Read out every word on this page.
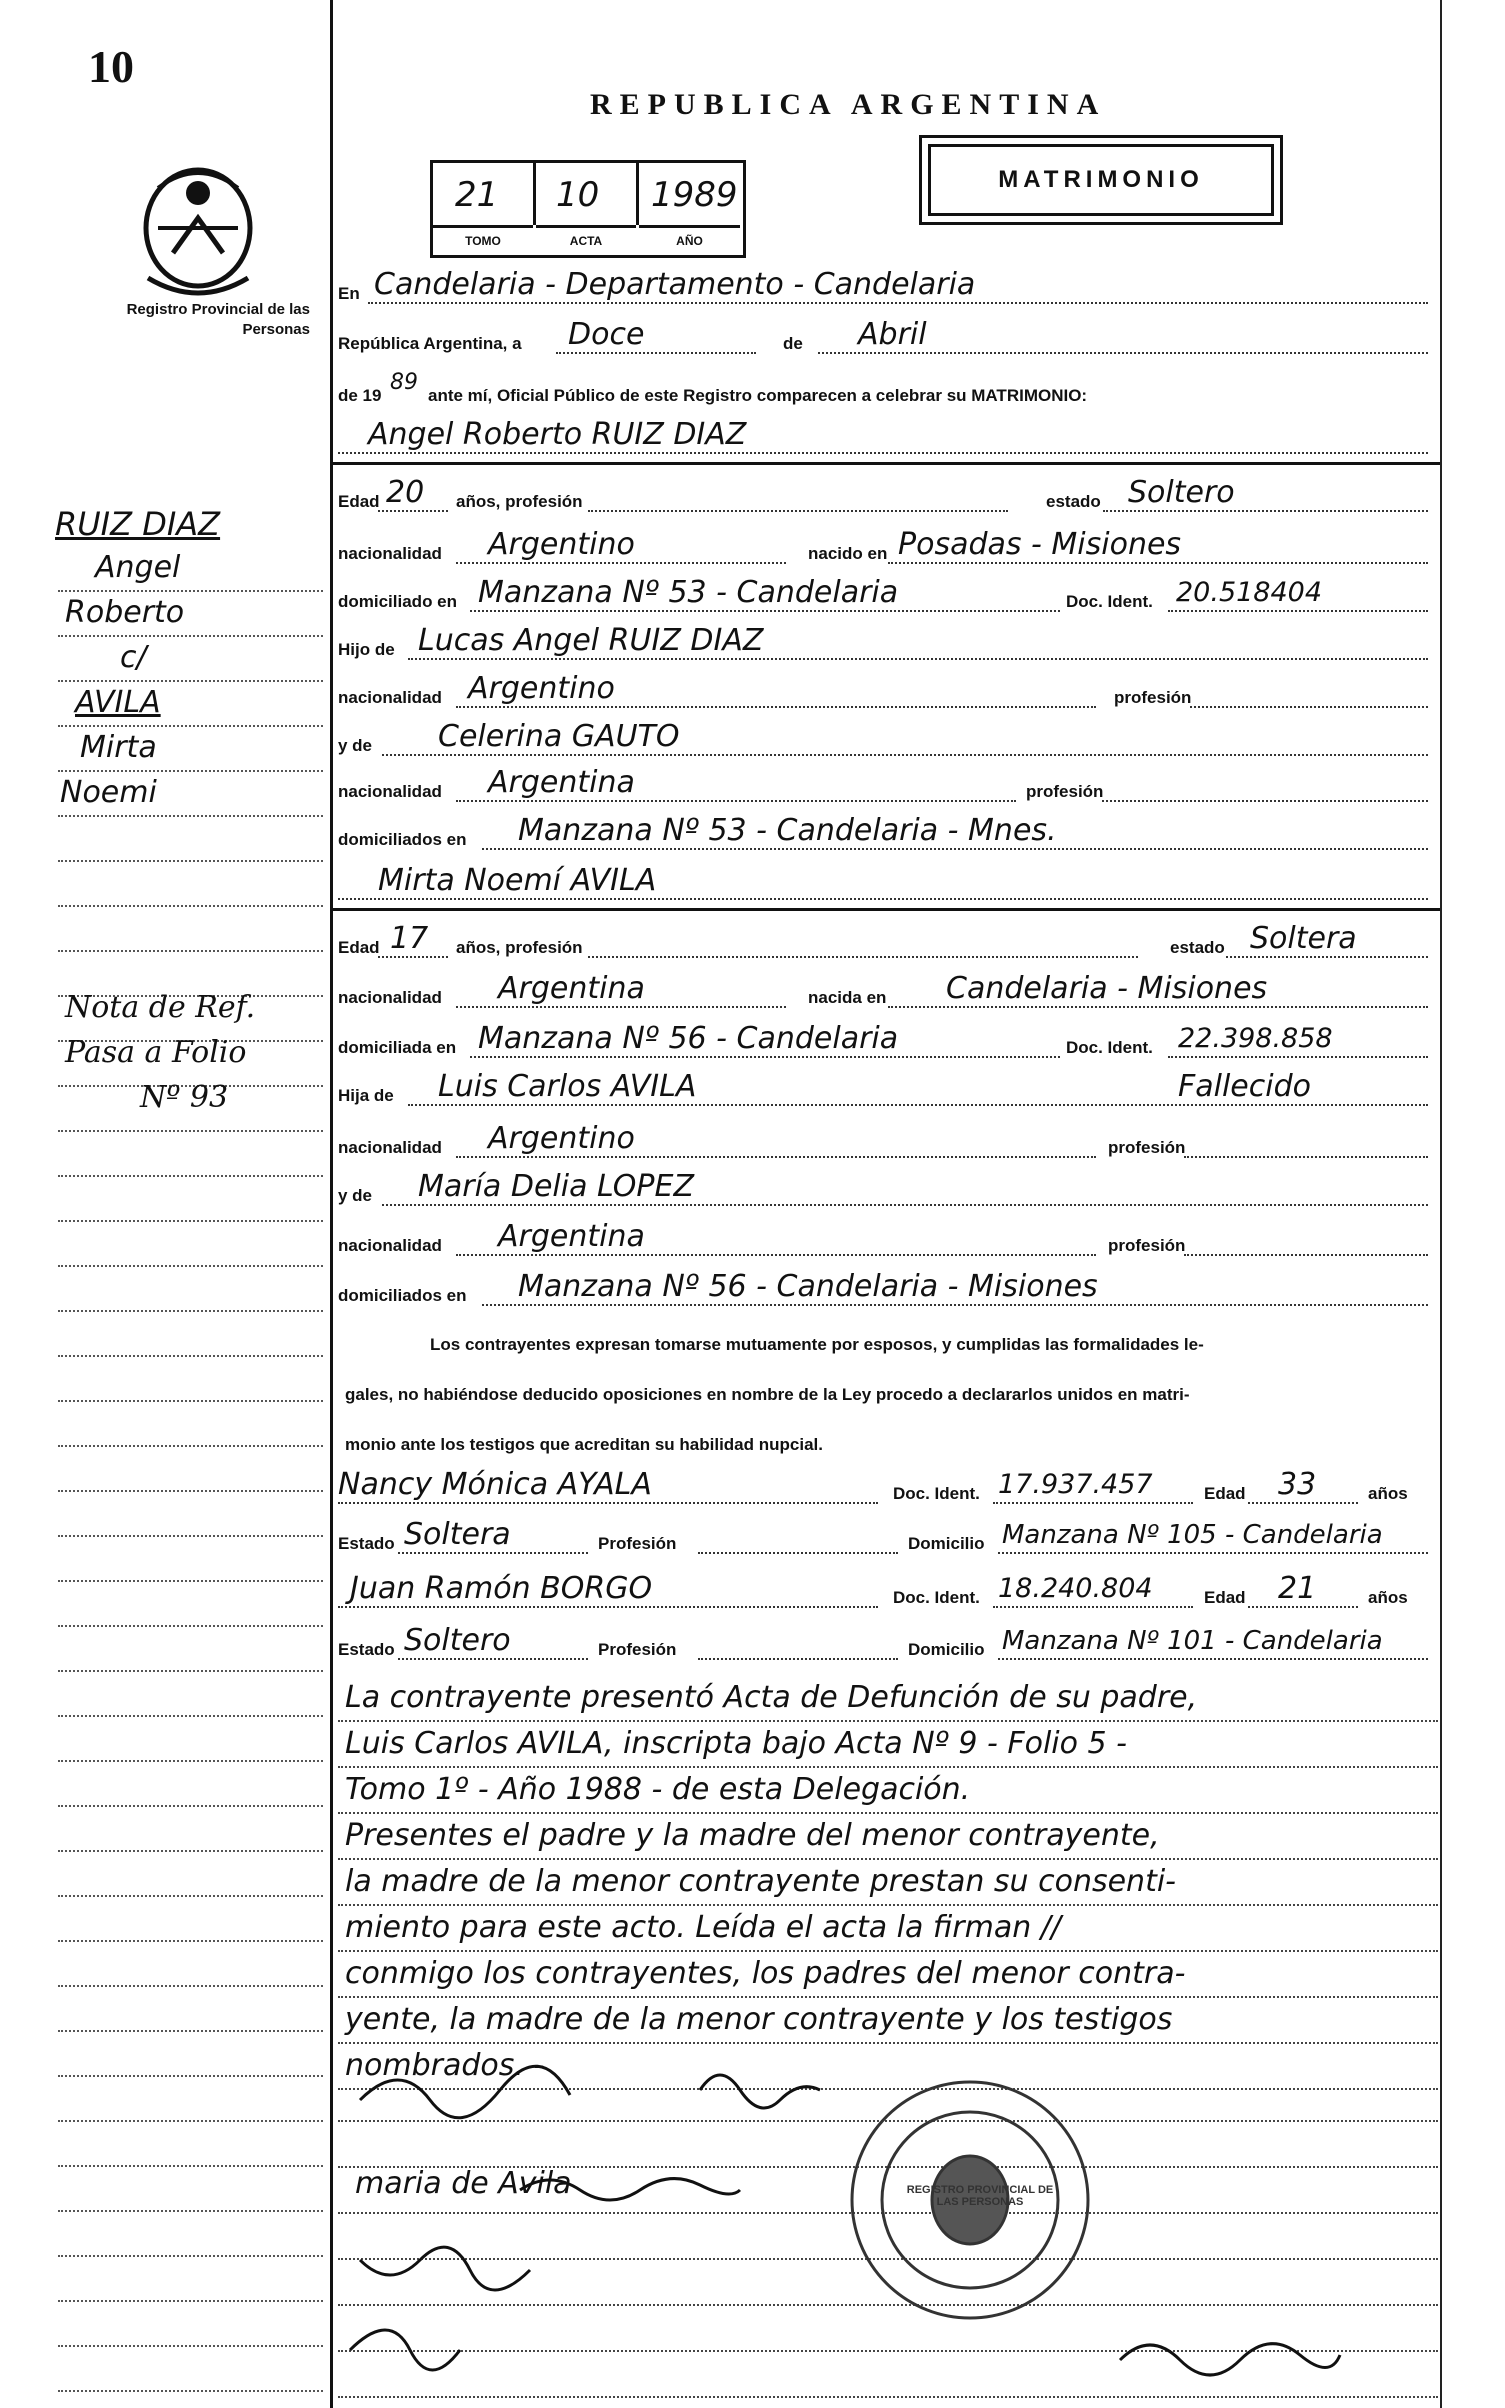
10
Registro Provincial de las Personas
REPUBLICA ARGENTINA
21 10 1989
TOMO	ACTA	AÑO
MATRIMONIO
En Candelaria - Departamento - Candelaria
República Argentina, a Doce	de Abril
de 19
89
ante mí, Oficial Público de este Registro comparecen a celebrar su MATRIMONIO:
Angel Roberto RUIZ DIAZ
Edad 20 años, profesión	estado Soltero
nacionalidad Argentino	nacido en Posadas - Misiones
domiciliado en Manzana Nº 53 - Candelaria	Doc. Ident. 20.518404
Hijo de Lucas Angel RUIZ DIAZ
nacionalidad Argentino	profesión
y de Celerina GAUTO
nacionalidad Argentina	profesión
domiciliados en Manzana Nº 53 - Candelaria - Mnes.
Mirta Noemí AVILA
Edad 17 años, profesión	estado Soltera
nacionalidad Argentina	nacida en Candelaria - Misiones
domiciliada en Manzana Nº 56 - Candelaria	Doc. Ident. 22.398.858
Hija de Luis Carlos AVILA	Fallecido
nacionalidad Argentino	profesión
y de María Delia LOPEZ
nacionalidad Argentina	profesión
domiciliados en Manzana Nº 56 - Candelaria - Misiones
Los contrayentes expresan tomarse mutuamente por esposos, y cumplidas las formalidades le-
gales, no habiéndose deducido oposiciones en nombre de la Ley procedo a declararlos unidos en matri-
monio ante los testigos que acreditan su habilidad nupcial.
Nancy Mónica AYALA	Doc. Ident. 17.937.457	Edad 33	años
Estado Soltera	Profesión	Domicilio Manzana Nº 105 - Candelaria
Juan Ramón BORGO	Doc. Ident. 18.240.804	Edad 21	años
Estado Soltero	Profesión	Domicilio Manzana Nº 101 - Candelaria
La contrayente presentó Acta de Defunción de su padre,
Luis Carlos AVILA, inscripta bajo Acta Nº 9 - Folio 5 -
Tomo 1º - Año 1988 - de esta Delegación.
Presentes el padre y la madre del menor contrayente,
la madre de la menor contrayente prestan su consenti-
miento para este acto. Leída el acta la firman //
conmigo los contrayentes, los padres del menor contra-
yente, la madre de la menor contrayente y los testigos
nombrados. -
RUIZ DIAZ
Angel
Roberto
c/
AVILA
Mirta
Noemi
Nota de Ref.
Pasa a Folio
Nº 93
maria de Avila	REGISTRO PROVINCIAL DE LAS PERSONAS
